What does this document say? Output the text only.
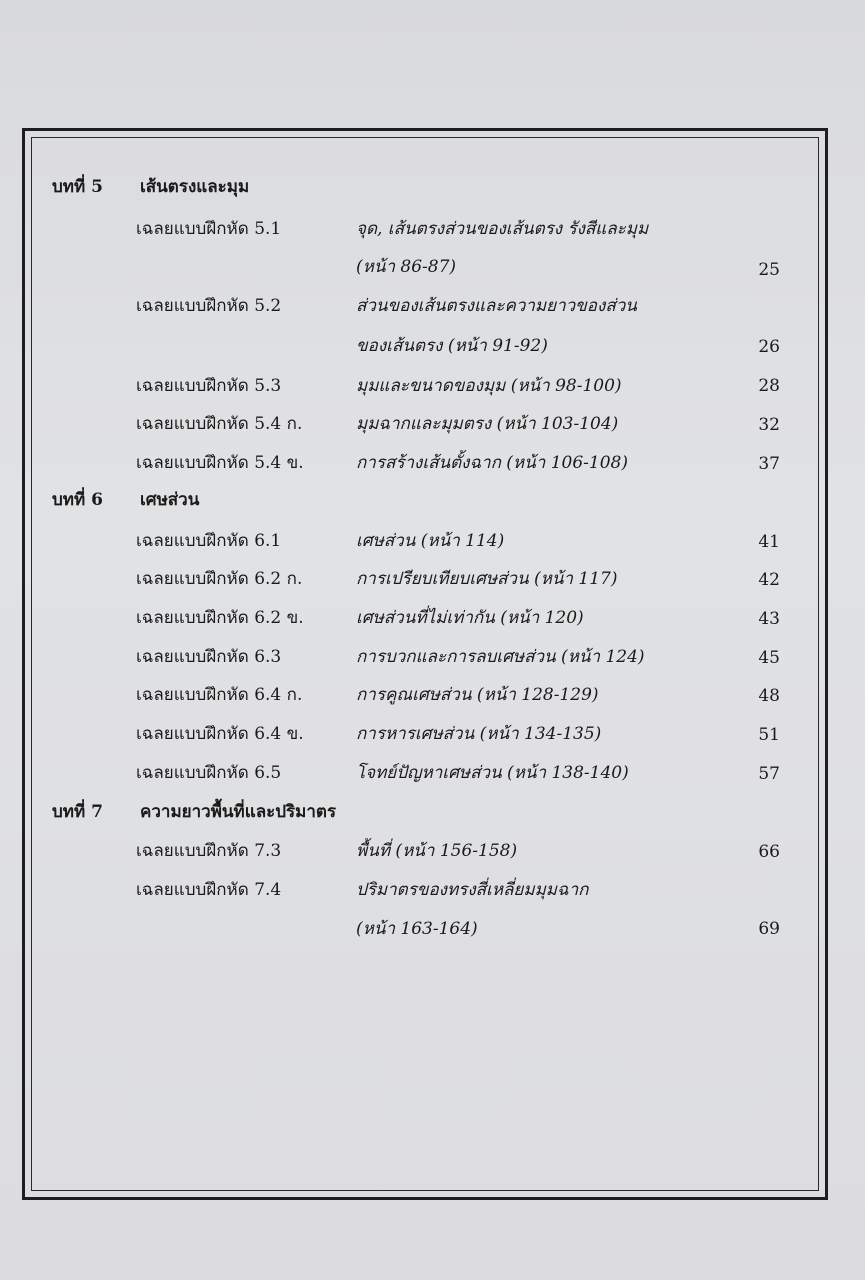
บทที่ 5 เส้นตรงและมุม
เฉลยแบบฝึกหัด 5.1	จุด, เส้นตรงส่วนของเส้นตรง รังสีและมุม
(หน้า 86-87)	25
เฉลยแบบฝึกหัด 5.2	ส่วนของเส้นตรงและความยาวของส่วน
ของเส้นตรง (หน้า 91-92)	26
เฉลยแบบฝึกหัด 5.3	มุมและขนาดของมุม (หน้า 98-100)	28
เฉลยแบบฝึกหัด 5.4 ก.	มุมฉากและมุมตรง (หน้า 103-104)	32
เฉลยแบบฝึกหัด 5.4 ข.	การสร้างเส้นตั้งฉาก (หน้า 106-108)	37
บทที่ 6 เศษส่วน
เฉลยแบบฝึกหัด 6.1	เศษส่วน (หน้า 114)	41
เฉลยแบบฝึกหัด 6.2 ก.	การเปรียบเทียบเศษส่วน (หน้า 117)	42
เฉลยแบบฝึกหัด 6.2 ข.	เศษส่วนที่ไม่เท่ากัน (หน้า 120)	43
เฉลยแบบฝึกหัด 6.3	การบวกและการลบเศษส่วน (หน้า 124)	45
เฉลยแบบฝึกหัด 6.4 ก.	การคูณเศษส่วน (หน้า 128-129)	48
เฉลยแบบฝึกหัด 6.4 ข.	การหารเศษส่วน (หน้า 134-135)	51
เฉลยแบบฝึกหัด 6.5	โจทย์ปัญหาเศษส่วน (หน้า 138-140)	57
บทที่ 7 ความยาวพื้นที่และปริมาตร
เฉลยแบบฝึกหัด 7.3	พื้นที่ (หน้า 156-158)	66
เฉลยแบบฝึกหัด 7.4	ปริมาตรของทรงสี่เหลี่ยมมุมฉาก
(หน้า 163-164)	69
